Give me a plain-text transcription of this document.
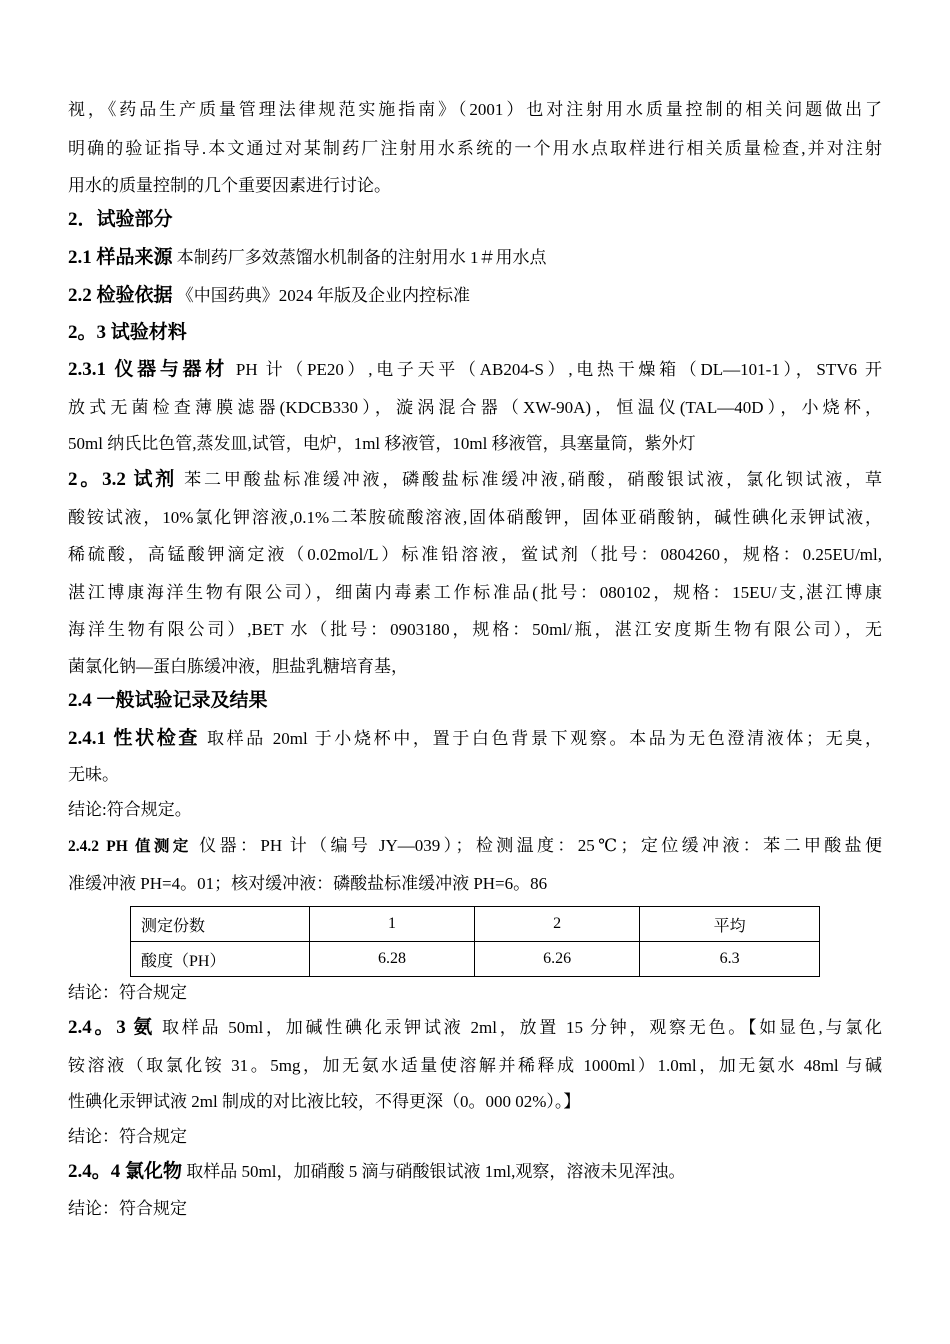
视，《药品生产质量管理法律规范实施指南》（2001）也对注射用水质量控制的相关问题做出了
明确的验证指导.本文通过对某制药厂注射用水系统的一个用水点取样进行相关质量检查,并对注射
用水的质量控制的几个重要因素进行讨论。
2．试验部分
2.1 样品来源 本制药厂多效蒸馏水机制备的注射用水 1＃用水点
2.2 检验依据 《中国药典》2024 年版及企业内控标准
2。3 试验材料
2.3.1 仪器与器材 PH 计（PE20）,电子天平（AB204-S）,电热干燥箱（DL—101-1），STV6 开
放式无菌检查薄膜滤器(KDCB330），漩涡混合器（XW-90A)，恒温仪(TAL—40D），小烧杯，
50ml 纳氏比色管,蒸发皿,试管，电炉，1ml 移液管，10ml 移液管，具塞量筒，紫外灯
2。3.2 试剂 苯二甲酸盐标准缓冲液，磷酸盐标准缓冲液,硝酸，硝酸银试液，氯化钡试液，草
酸铵试液，10%氯化钾溶液,0.1%二苯胺硫酸溶液,固体硝酸钾，固体亚硝酸钠，碱性碘化汞钾试液，
稀硫酸，高锰酸钾滴定液（0.02mol/L）标准铅溶液，鲎试剂（批号：0804260，规格：0.25EU/ml,
湛江博康海洋生物有限公司），细菌内毒素工作标准品(批号：080102，规格：15EU/支,湛江博康
海洋生物有限公司）,BET 水（批号：0903180，规格：50ml/瓶，湛江安度斯生物有限公司），无
菌氯化钠—蛋白胨缓冲液，胆盐乳糖培育基，
2.4 一般试验记录及结果
2.4.1 性状检查 取样品 20ml 于小烧杯中，置于白色背景下观察。本品为无色澄清液体；无臭，
无味。
结论:符合规定。
2.4.2 PH 值测定 仪器：PH 计（编号 JY—039）；检测温度：25℃；定位缓冲液：苯二甲酸盐便
准缓冲液 PH=4。01；核对缓冲液：磷酸盐标准缓冲液 PH=6。86
测定份数	1	2	平均
酸度（PH）	6.28	6.26	6.3
结论：符合规定
2.4。3 氨 取样品 50ml，加碱性碘化汞钾试液 2ml，放置 15 分钟，观察无色。【如显色,与氯化
铵溶液（取氯化铵 31。5mg，加无氨水适量使溶解并稀释成 1000ml）1.0ml，加无氨水 48ml 与碱
性碘化汞钾试液 2ml 制成的对比液比较，不得更深（0。000 02%）。】
结论：符合规定
2.4。4 氯化物 取样品 50ml，加硝酸 5 滴与硝酸银试液 1ml,观察，溶液未见浑浊。
结论：符合规定
